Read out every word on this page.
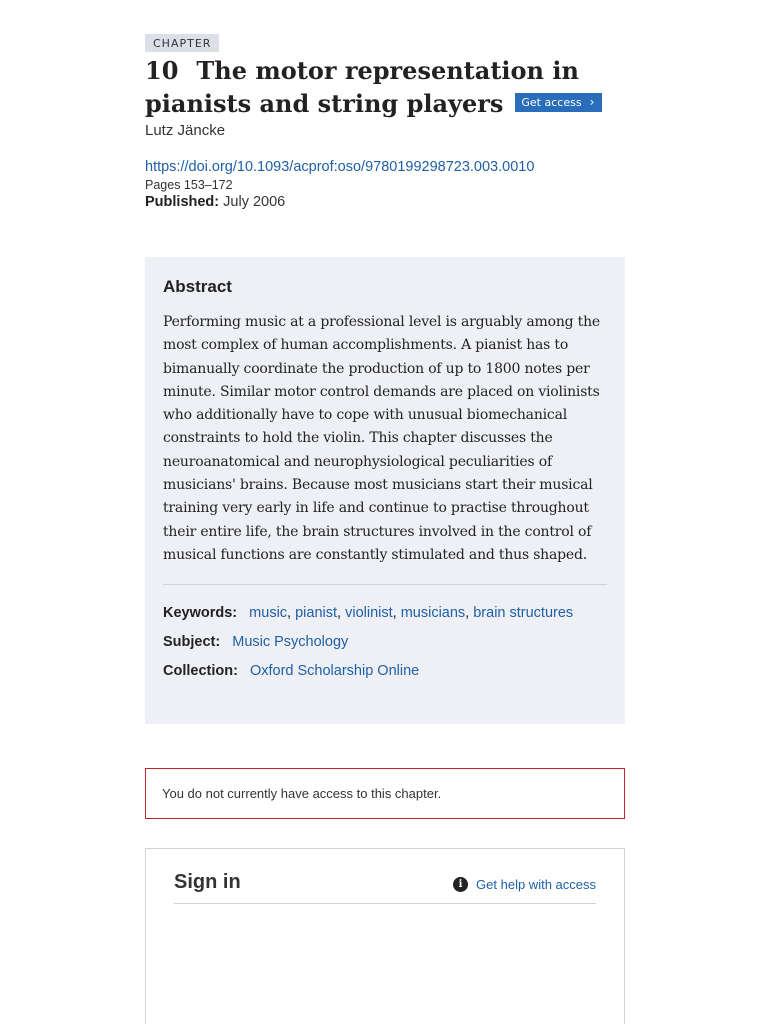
CHAPTER
10 The motor representation in pianists and string players Get access ›
Lutz Jäncke
https://doi.org/10.1093/acprof:oso/9780199298723.003.0010
Pages 153–172
Published: July 2006
Abstract

Performing music at a professional level is arguably among the most complex of human accomplishments. A pianist has to bimanually coordinate the production of up to 1800 notes per minute. Similar motor control demands are placed on violinists who additionally have to cope with unusual biomechanical constraints to hold the violin. This chapter discusses the neuroanatomical and neurophysiological peculiarities of musicians' brains. Because most musicians start their musical training very early in life and continue to practise throughout their entire life, the brain structures involved in the control of musical functions are constantly stimulated and thus shaped.

Keywords: music, pianist, violinist, musicians, brain structures
Subject: Music Psychology
Collection: Oxford Scholarship Online
You do not currently have access to this chapter.
Sign in	i	Get help with access
